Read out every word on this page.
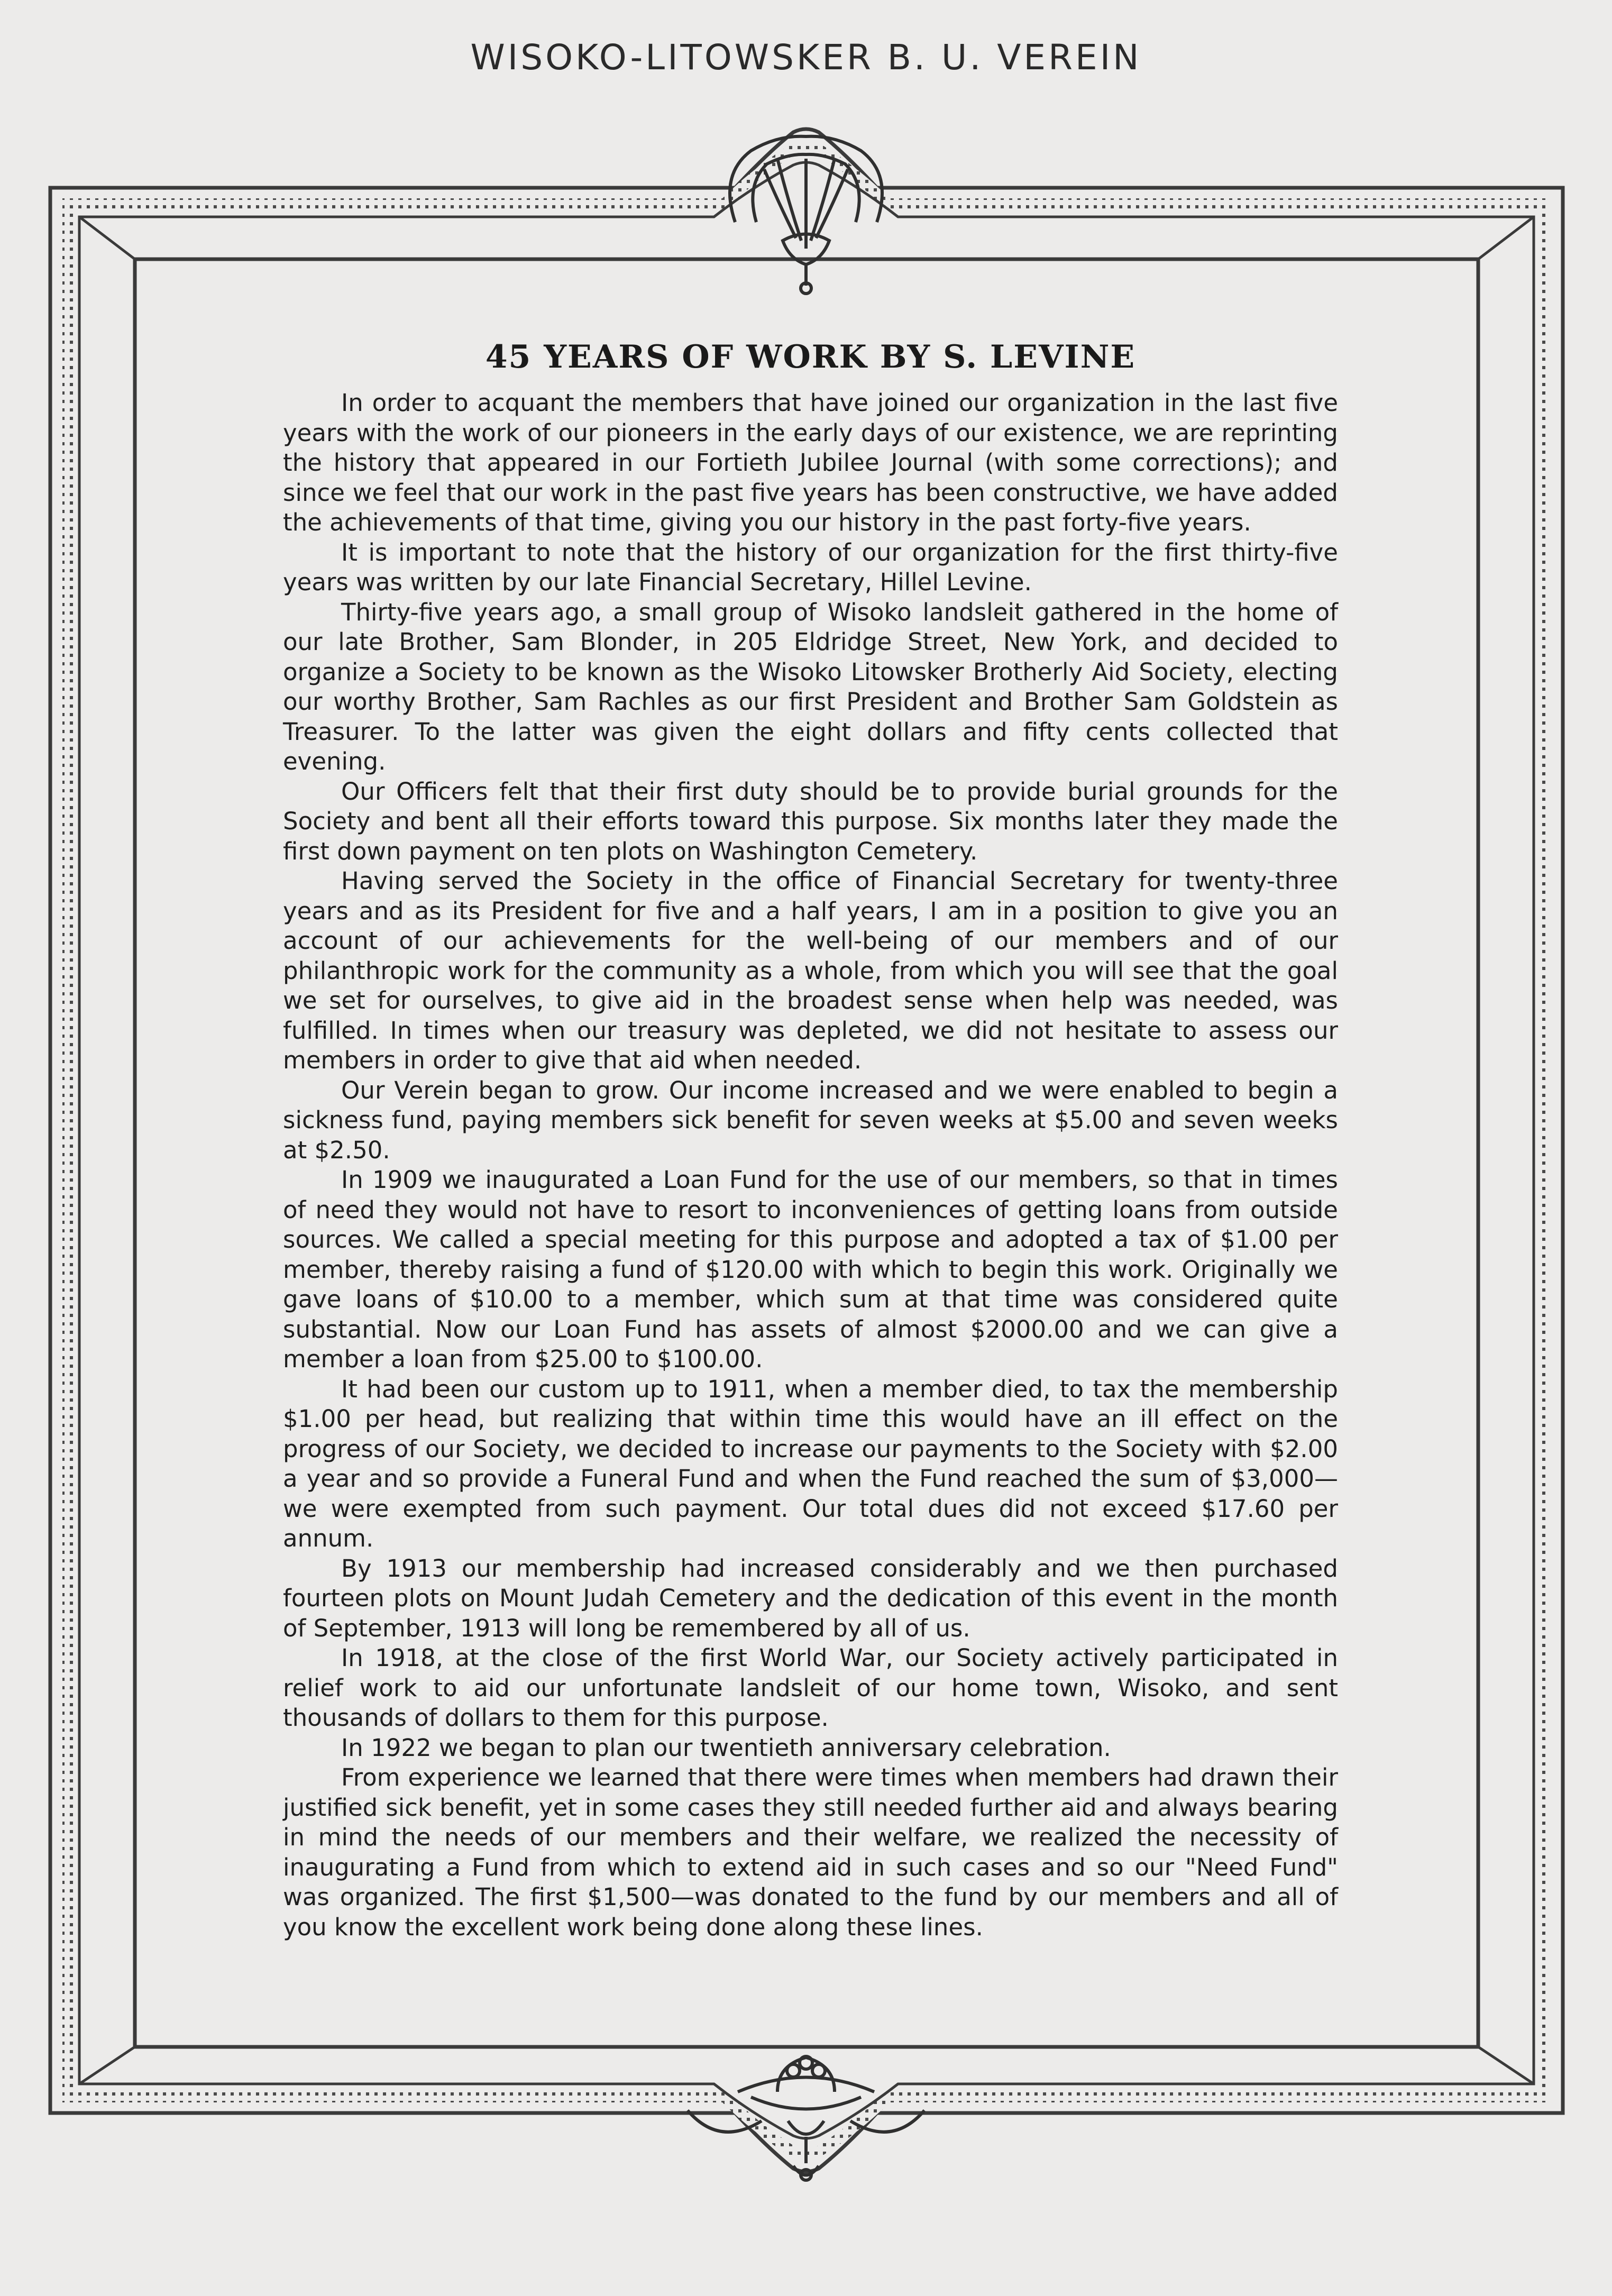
WISOKO-LITOWSKER B. U. VEREIN
45 YEARS OF WORK BY S. LEVINE

In order to acquant the members that have joined our organization in the last five years with the work of our pioneers in the early days of our existence, we are reprinting the history that appeared in our Fortieth Jubilee Journal (with some corrections); and since we feel that our work in the past five years has been constructive, we have added the achievements of that time, giving you our history in the past forty-five years.

It is important to note that the history of our organization for the first thirty-five years was written by our late Financial Secretary, Hillel Levine.

Thirty-five years ago, a small group of Wisoko landsleit gathered in the home of our late Brother, Sam Blonder, in 205 Eldridge Street, New York, and decided to organize a Society to be known as the Wisoko Litowsker Brotherly Aid Society, electing our worthy Brother, Sam Rachles as our first President and Brother Sam Goldstein as Treasurer. To the latter was given the eight dollars and fifty cents collected that evening.

Our Officers felt that their first duty should be to provide burial grounds for the Society and bent all their efforts toward this purpose. Six months later they made the first down payment on ten plots on Washington Cemetery.

Having served the Society in the office of Financial Secretary for twenty-three years and as its President for five and a half years, I am in a position to give you an account of our achievements for the well-being of our members and of our philanthropic work for the community as a whole, from which you will see that the goal we set for ourselves, to give aid in the broadest sense when help was needed, was fulfilled. In times when our treasury was depleted, we did not hesitate to assess our members in order to give that aid when needed.

Our Verein began to grow. Our income increased and we were enabled to begin a sickness fund, paying members sick benefit for seven weeks at $5.00 and seven weeks at $2.50.

In 1909 we inaugurated a Loan Fund for the use of our members, so that in times of need they would not have to resort to inconveniences of getting loans from outside sources. We called a special meeting for this purpose and adopted a tax of $1.00 per member, thereby raising a fund of $120.00 with which to begin this work. Originally we gave loans of $10.00 to a member, which sum at that time was considered quite substantial. Now our Loan Fund has assets of almost $2000.00 and we can give a member a loan from $25.00 to $100.00.

It had been our custom up to 1911, when a member died, to tax the membership $1.00 per head, but realizing that within time this would have an ill effect on the progress of our Society, we decided to increase our payments to the Society with $2.00 a year and so provide a Funeral Fund and when the Fund reached the sum of $3,000—we were exempted from such payment. Our total dues did not exceed $17.60 per annum.

By 1913 our membership had increased considerably and we then purchased fourteen plots on Mount Judah Cemetery and the dedication of this event in the month of September, 1913 will long be remembered by all of us.

In 1918, at the close of the first World War, our Society actively participated in relief work to aid our unfortunate landsleit of our home town, Wisoko, and sent thousands of dollars to them for this purpose.

In 1922 we began to plan our twentieth anniversary celebration.

From experience we learned that there were times when members had drawn their justified sick benefit, yet in some cases they still needed further aid and always bearing in mind the needs of our members and their welfare, we realized the necessity of inaugurating a Fund from which to extend aid in such cases and so our "Need Fund" was organized. The first $1,500—was donated to the fund by our members and all of you know the excellent work being done along these lines.
